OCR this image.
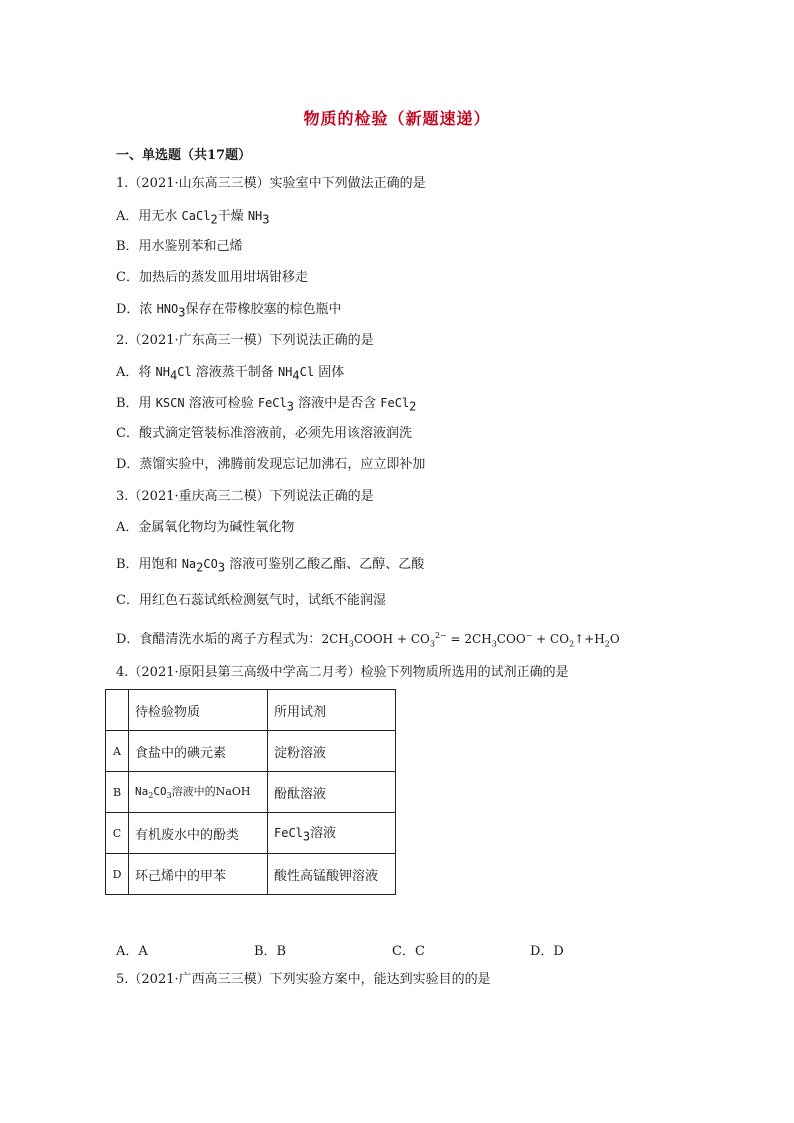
物质的检验（新题速递）
一、单选题（共17题）
1.（2021·山东高三三模）实验室中下列做法正确的是
A．用无水 CaCl$_2$干燥 $NH_3$
B．用水鉴别苯和己烯
C．加热后的蒸发皿用坩埚钳移走
D．浓 $HNO_3$保存在带橡胶塞的棕色瓶中
2.（2021·广东高三一模）下列说法正确的是
A．将 $NH_4Cl$ 溶液蒸干制备 $NH_4Cl$ 固体
B．用 KSCN 溶液可检验 FeCl$_3$ 溶液中是否含 FeCl$_2$
C．酸式滴定管装标准溶液前，必须先用该溶液润洗
D．蒸馏实验中，沸腾前发现忘记加沸石，应立即补加
3.（2021·重庆高三二模）下列说法正确的是
A．金属氧化物均为碱性氧化物
B．用饱和 $Na_2CO_3$ 溶液可鉴别乙酸乙酯、乙醇、乙酸
C．用红色石蕊试纸检测氨气时，试纸不能润湿
D．食醋清洗水垢的离子方程式为：$2CH_3COOH + CO_3^{2-} = 2CH_3COO^-$ + $CO_2↑+H_2O$
4.（2021·原阳县第三高级中学高二月考）检验下列物质所选用的试剂正确的是
	待检验物质	所用试剂
A	食盐中的碘元素	淀粉溶液
B	$Na_2CO_3$溶液中的NaOH	酚酞溶液
C	有机废水中的酚类	FeCl$_3$溶液
D	环己烯中的甲苯	酸性高锰酸钾溶液
A．A	B．B	C．C	D．D
5.（2021·广西高三三模）下列实验方案中，能达到实验目的的是
